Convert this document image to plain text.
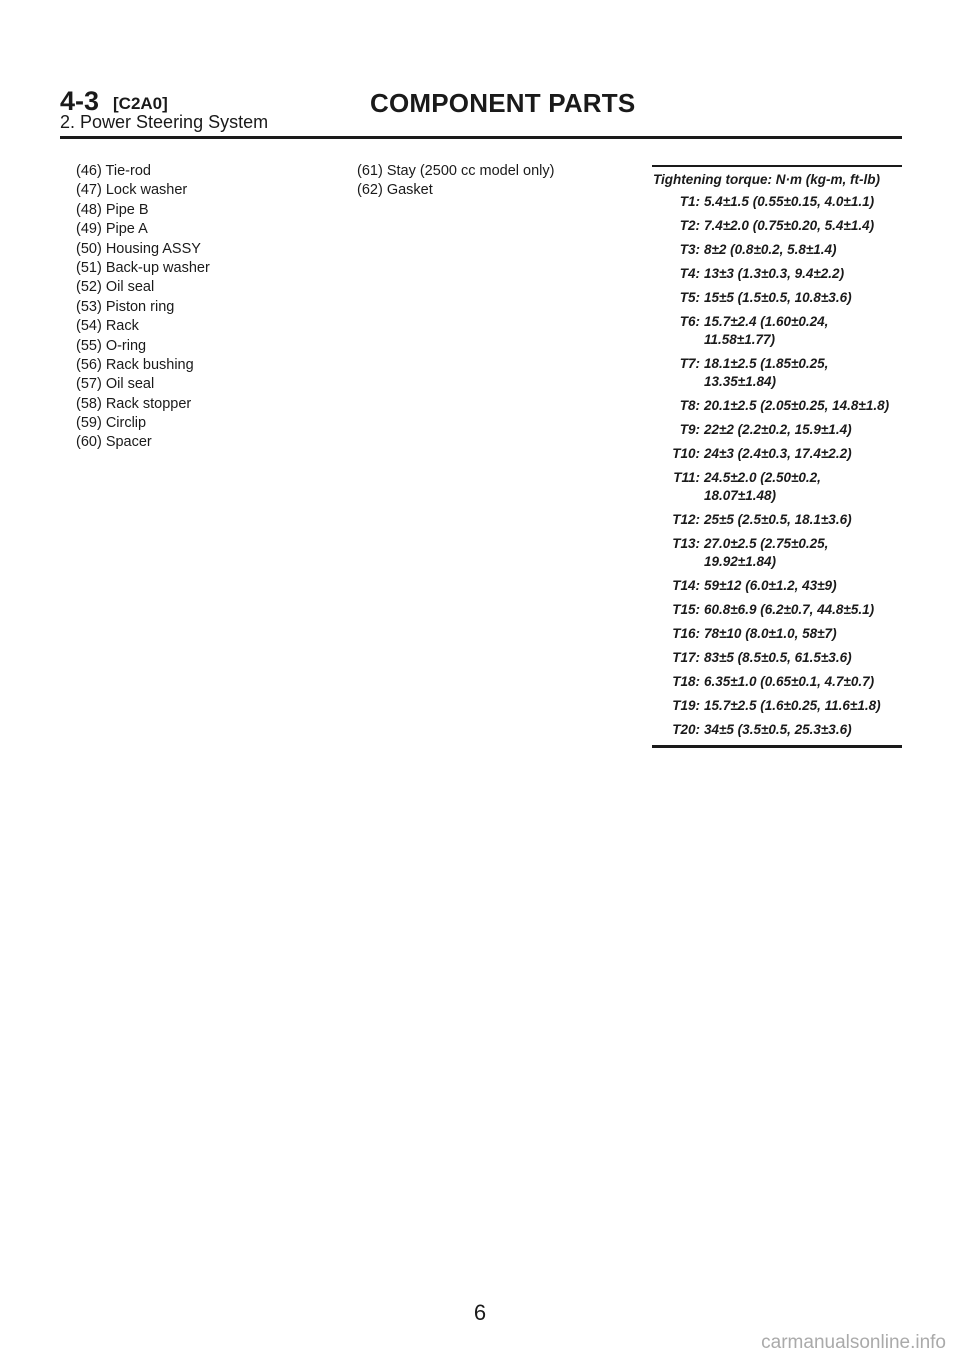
4-3 [C2A0]	COMPONENT PARTS
2. Power Steering System
(46) Tie-rod
(47) Lock washer
(48) Pipe B
(49) Pipe A
(50) Housing ASSY
(51) Back-up washer
(52) Oil seal
(53) Piston ring
(54) Rack
(55) O-ring
(56) Rack bushing
(57) Oil seal
(58) Rack stopper
(59) Circlip
(60) Spacer
(61) Stay (2500 cc model only)
(62) Gasket
Tightening torque: N·m (kg-m, ft-lb)
T1: 5.4±1.5 (0.55±0.15, 4.0±1.1)
T2: 7.4±2.0 (0.75±0.20, 5.4±1.4)
T3: 8±2 (0.8±0.2, 5.8±1.4)
T4: 13±3 (1.3±0.3, 9.4±2.2)
T5: 15±5 (1.5±0.5, 10.8±3.6)
T6: 15.7±2.4 (1.60±0.24,
11.58±1.77)
T7: 18.1±2.5 (1.85±0.25,
13.35±1.84)
T8: 20.1±2.5 (2.05±0.25, 14.8±1.8)
T9: 22±2 (2.2±0.2, 15.9±1.4)
T10: 24±3 (2.4±0.3, 17.4±2.2)
T11: 24.5±2.0 (2.50±0.2,
18.07±1.48)
T12: 25±5 (2.5±0.5, 18.1±3.6)
T13: 27.0±2.5 (2.75±0.25,
19.92±1.84)
T14: 59±12 (6.0±1.2, 43±9)
T15: 60.8±6.9 (6.2±0.7, 44.8±5.1)
T16: 78±10 (8.0±1.0, 58±7)
T17: 83±5 (8.5±0.5, 61.5±3.6)
T18: 6.35±1.0 (0.65±0.1, 4.7±0.7)
T19: 15.7±2.5 (1.6±0.25, 11.6±1.8)
T20: 34±5 (3.5±0.5, 25.3±3.6)
6
carmanualsonline.info
